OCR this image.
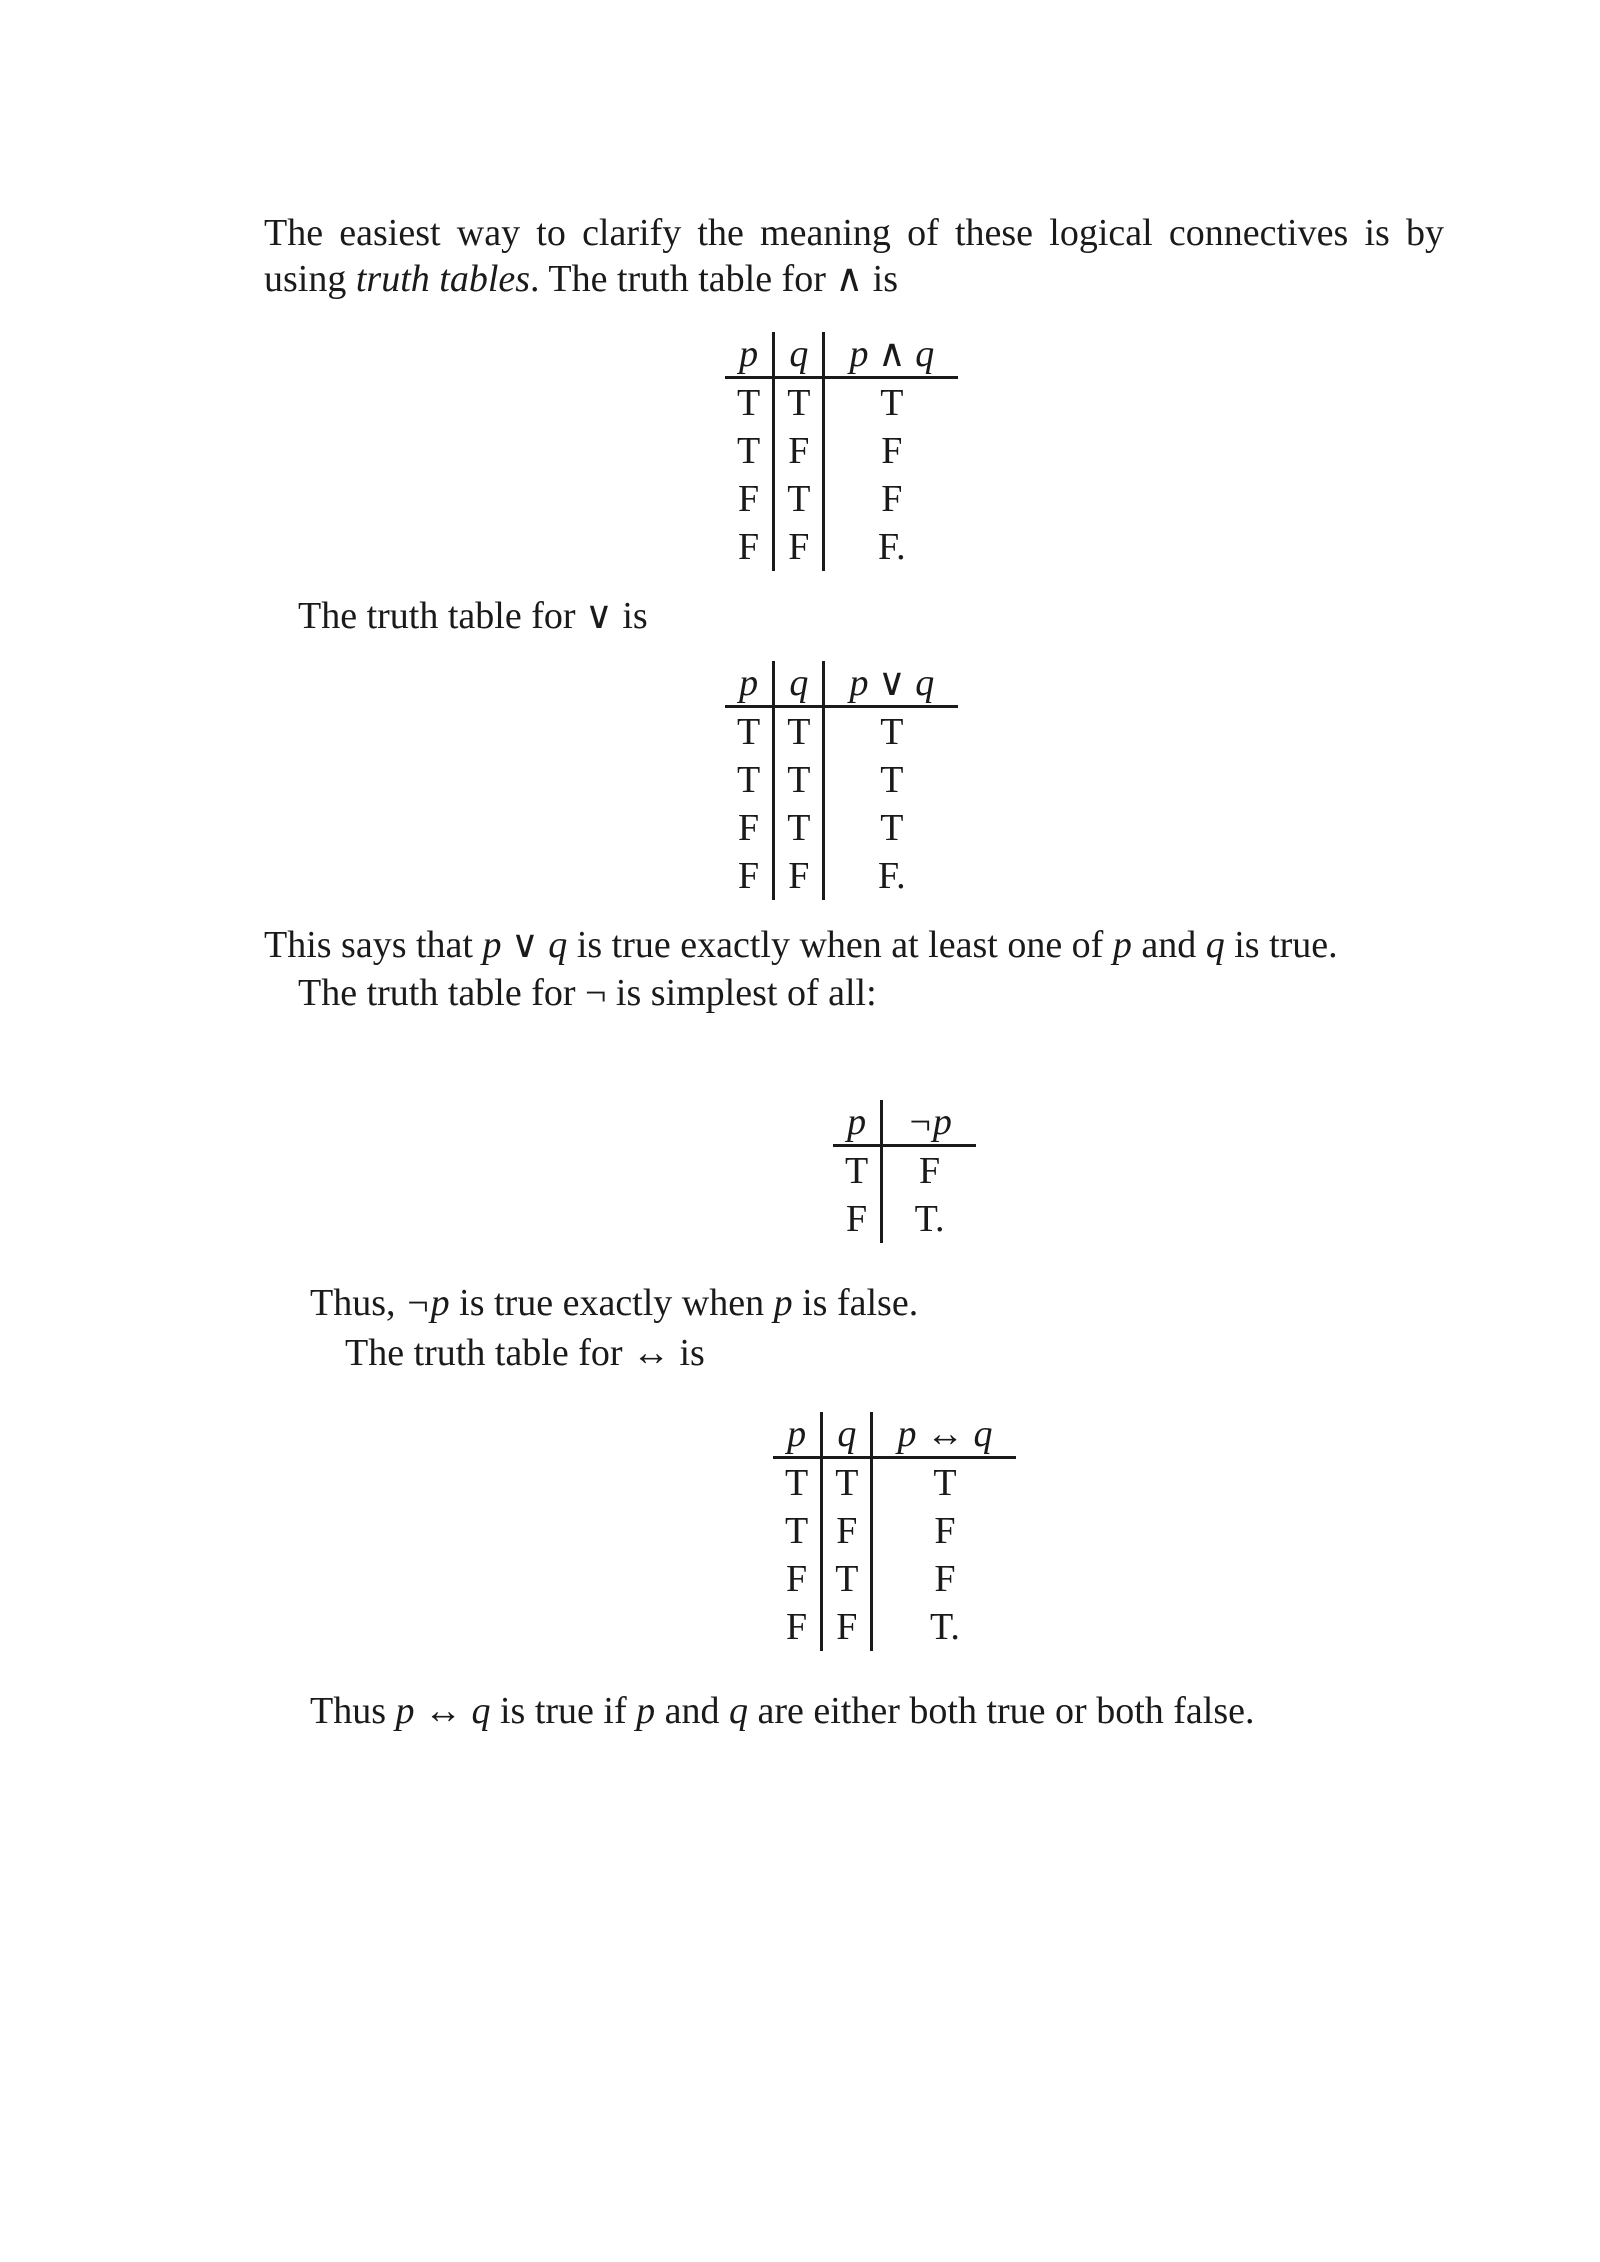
The easiest way to clarify the meaning of these logical connectives is by
using truth tables. The truth table for ∧ is
p	q	p ∧ q
T	T	T
T	F	F
F	T	F
F	F	F.
The truth table for ∨ is
p	q	p ∨ q
T	T	T
T	T	T
F	T	T
F	F	F.
This says that p ∨ q is true exactly when at least one of p and q is true.
The truth table for ¬ is simplest of all:
p	¬p
T	F
F	T.
Thus, ¬p is true exactly when p is false.
The truth table for ↔ is
p	q	p ↔ q
T	T	T
T	F	F
F	T	F
F	F	T.
Thus p ↔ q is true if p and q are either both true or both false.
